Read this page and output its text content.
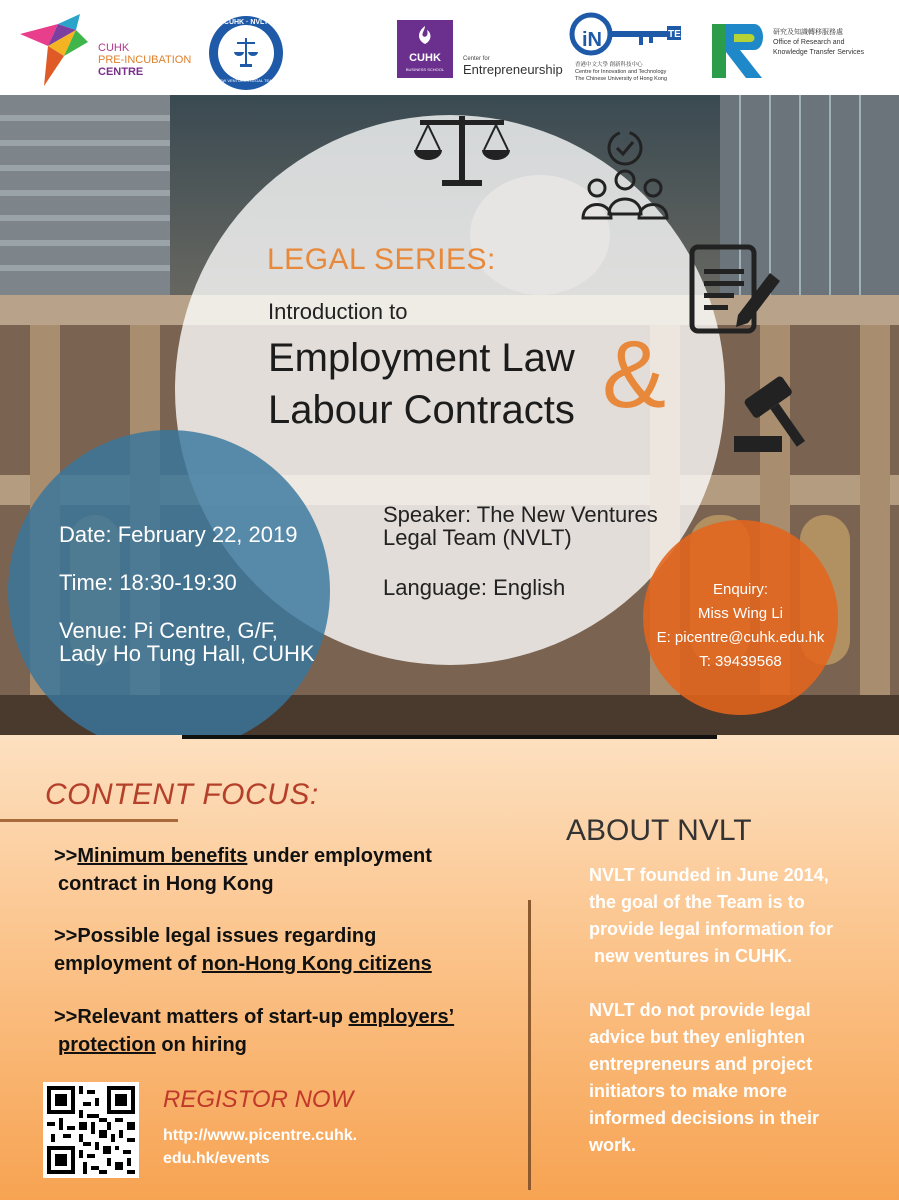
CUHK
PRE-INCUBATION
CENTRE
CUHK · NVLT
NEW VENTURES LEGAL TEAM
CUHK
BUSINESS SCHOOL
Center for
Entrepreneurship
iN	TE
香港中文大學 創新科技中心
Centre for Innovation and Technology
The Chinese University of Hong Kong
研究及知識轉移服務處
Office of Research and
Knowledge Transfer Services
LEGAL SERIES:
Introduction to
Employment Law
Labour Contracts &
Date: February 22, 2019
Time: 18:30-19:30
Venue: Pi Centre, G/F,
Lady Ho Tung Hall, CUHK
Speaker: The New Ventures
Legal Team (NVLT)
Language: English	Enquiry:
Miss Wing Li
E: picentre@cuhk.edu.hk
T: 39439568
CONTENT FOCUS:
>>Minimum benefits under employment
contract in Hong Kong
>>Possible legal issues regarding
employment of non-Hong Kong citizens
>>Relevant matters of start-up employers’
protection on hiring
REGISTOR NOW
http://www.picentre.cuhk.
edu.hk/events
ABOUT NVLT
NVLT founded in June 2014,
the goal of the Team is to
provide legal information for
new ventures in CUHK.
NVLT do not provide legal
advice but they enlighten
entrepreneurs and project
initiators to make more
informed decisions in their
work.
